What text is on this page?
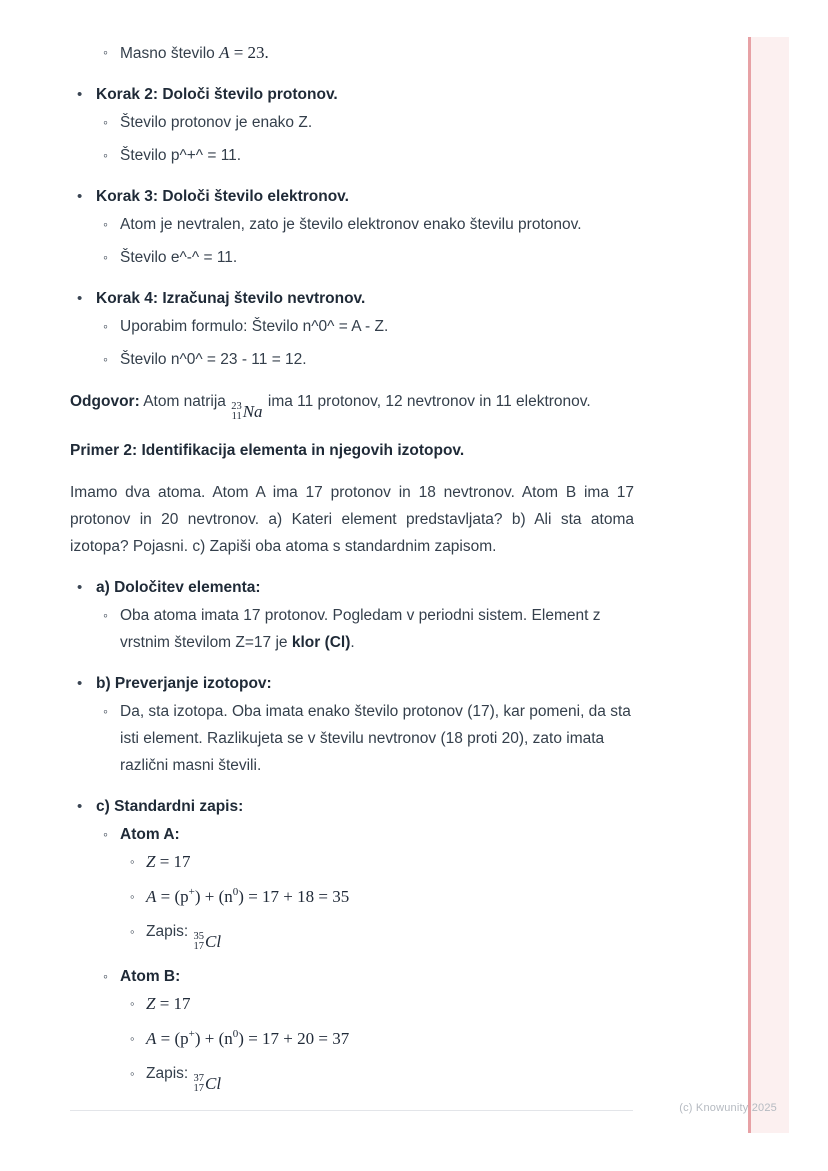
◦ Masno število A = 23.
• Korak 2: Določi število protonov.
◦ Število protonov je enako Z.
◦ Število p^+^ = 11.
• Korak 3: Določi število elektronov.
◦ Atom je nevtralen, zato je število elektronov enako številu protonov.
◦ Število e^-^ = 11.
• Korak 4: Izračunaj število nevtronov.
◦ Uporabim formulo: Število n^0^ = A - Z.
◦ Število n^0^ = 23 - 11 = 12.
Odgovor: Atom natrija 23
11 Na
ima 11 protonov, 12 nevtronov in 11 elektronov.
Primer 2: Identifikacija elementa in njegovih izotopov.
Imamo dva atoma. Atom A ima 17 protonov in 18 nevtronov. Atom B ima 17 protonov in 20 nevtronov. a) Kateri element predstavljata? b) Ali sta atoma izotopa? Pojasni. c) Zapiši oba atoma s standardnim zapisom.
• a) Določitev elementa:
◦ Oba atoma imata 17 protonov. Pogledam v periodni sistem. Element z vrstnim številom Z=17 je klor (Cl).
• b) Preverjanje izotopov:
◦ Da, sta izotopa. Oba imata enako število protonov (17), kar pomeni, da sta isti element. Razlikujeta se v številu nevtronov (18 proti 20), zato imata različni masni števili.
• c) Standardni zapis:
◦ Atom A:
◦ Z = 17
◦ $A = (p^+) + (n^0) = 17 + 18 = 35$
◦ Zapis: 35
17 Cl
◦ Atom B:
◦ Z = 17
◦ $A = (p^+) + (n^0) = 17 + 20 = 37$
◦ Zapis: 37
17 Cl
(c) Knowunity 2025
